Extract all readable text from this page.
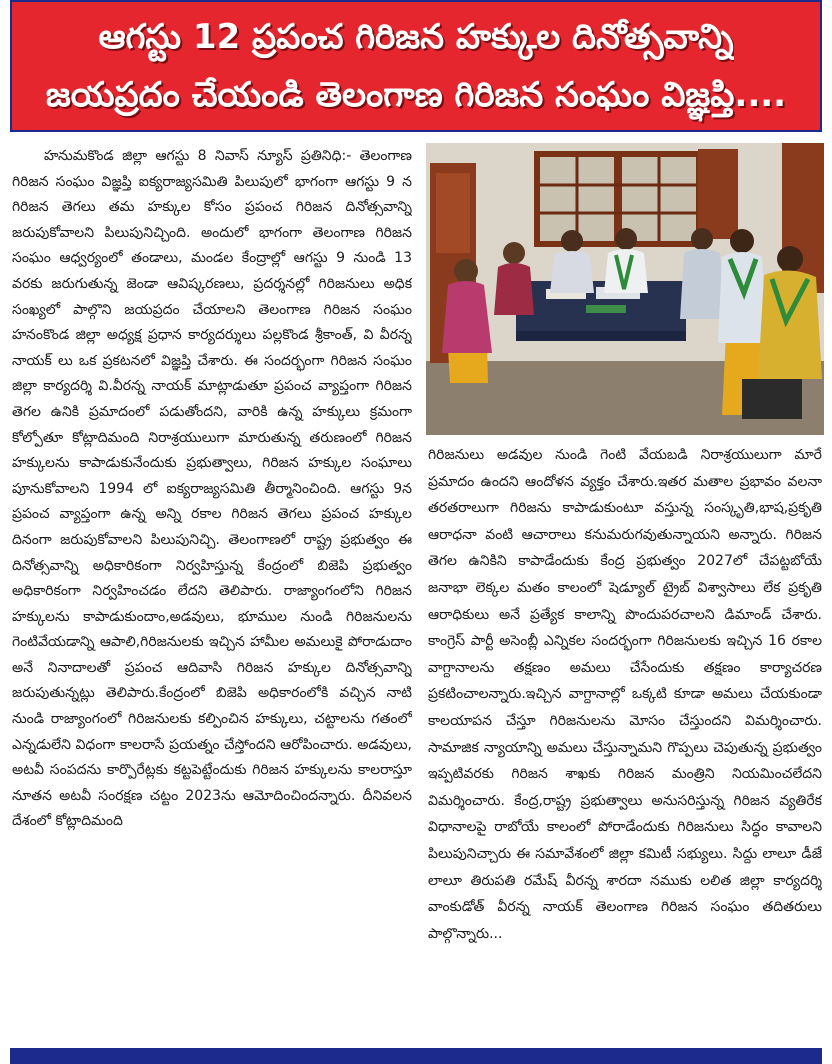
ఆగస్టు 12 ప్రపంచ గిరిజన హక్కుల దినోత్సవాన్ని
జయప్రదం చేయండి తెలంగాణ గిరిజన సంఘం విజ్ఞప్తి....

హనుమకొండ జిల్లా ఆగస్టు 8 నివాస్ న్యూస్ ప్రతినిధి:- తెలంగాణ గిరిజన సంఘం విజ్ఞప్తి ఐక్యరాజ్యసమితి పిలుపులో భాగంగా ఆగస్టు 9 న గిరిజన తెగలు తమ హక్కుల కోసం ప్రపంచ గిరిజన దినోత్సవాన్ని జరుపుకోవాలని పిలుపునిచ్చింది. అందులో భాగంగా తెలంగాణ గిరిజన సంఘం ఆధ్వర్యంలో తండాలు, మండల కేంద్రాల్లో ఆగస్టు 9 నుండి 13 వరకు జరుగుతున్న జెండా ఆవిష్కరణలు, ప్రదర్శనల్లో గిరిజనులు అధిక సంఖ్యలో పాల్గొని జయప్రదం చేయాలని తెలంగాణ గిరిజన సంఘం హనంకొండ జిల్లా అధ్యక్ష ప్రధాన కార్యదర్శులు పల్లకొండ శ్రీకాంత్, వి వీరన్న నాయక్ లు ఒక ప్రకటనలో విజ్ఞప్తి చేశారు. ఈ సందర్భంగా గిరిజన సంఘం జిల్లా కార్యదర్శి వి.వీరన్న నాయక్ మాట్లాడుతూ ప్రపంచ వ్యాప్తంగా గిరిజన తెగల ఉనికి ప్రమాదంలో పడుతోందని, వారికి ఉన్న హక్కులు క్రమంగా కోల్పోతూ కోట్లాదిమంది నిరాశ్రయులుగా మారుతున్న తరుణంలో గిరిజన హక్కులను కాపాడుకునేందుకు ప్రభుత్వాలు, గిరిజన హక్కుల సంఘాలు పూనుకోవాలని 1994 లో ఐక్యరాజ్యసమితి తీర్మానించింది. ఆగస్టు 9న ప్రపంచ వ్యాప్తంగా ఉన్న అన్ని రకాల గిరిజన తెగలు ప్రపంచ హక్కుల దినంగా జరుపుకోవాలని పిలుపునిచ్చి. తెలంగాణలో రాష్ట్ర ప్రభుత్వం ఈ దినోత్సవాన్ని అధికారికంగా నిర్వహిస్తున్న కేంద్రంలో బిజెపి ప్రభుత్వం అధికారికంగా నిర్వహించడం లేదని తెలిపారు. రాజ్యాంగంలోని గిరిజన హక్కులను కాపాడుకుందాం,అడవులు, భూముల నుండి గిరిజనులను గెంటివేయడాన్ని ఆపాలి,గిరిజనులకు ఇచ్చిన హామీల అమలుకై పోరాడుదాం అనే నినాదాలతో ప్రపంచ ఆదివాసి గిరిజన హక్కుల దినోత్సవాన్ని జరుపుతున్నట్లు తెలిపారు.కేంద్రంలో బిజెపి అధికారంలోకి వచ్చిన నాటి నుండి రాజ్యాంగంలో గిరిజనులకు కల్పించిన హక్కులు, చట్టాలను గతంలో ఎన్నడులేని విధంగా కాలరాసే ప్రయత్నం చేస్తోందని ఆరోపించారు. అడవులు, అటవీ సంపదను కార్పొరేట్లకు కట్టపెట్టేందుకు గిరిజన హక్కులను కాలరాస్తూ నూతన అటవీ సంరక్షణ చట్టం 2023ను ఆమోదించిందన్నారు. దీనివలన దేశంలో కోట్లాదిమంది

గిరిజనులు అడవుల నుండి గెంటి వేయబడి నిరాశ్రయులుగా మారే ప్రమాదం ఉందని ఆందోళన వ్యక్తం చేశారు.ఇతర మతాల ప్రభావం వలనా తరతరాలుగా గిరిజను కాపాడుకుంటూ వస్తున్న సంస్కృతి,భాష,ప్రకృతి ఆరాధనా వంటి ఆచారాలు కనుమరుగవుతున్నాయని అన్నారు. గిరిజన తెగల ఉనికిని కాపాడేందుకు కేంద్ర ప్రభుత్వం 2027లో చేపట్టబోయే జనాభా లెక్కల మతం కాలంలో షెడ్యూల్ ట్రైబ్ విశ్వాసాలు లేక ప్రకృతి ఆరాధికులు అనే ప్రత్యేక కాలాన్ని పొందుపరచాలని డిమాండ్ చేశారు. కాంగ్రెస్ పార్టీ అసెంబ్లీ ఎన్నికల సందర్భంగా గిరిజనులకు ఇచ్చిన 16 రకాల వాగ్దానాలను తక్షణం అమలు చేసేందుకు తక్షణం కార్యాచరణ ప్రకటించాలన్నారు.ఇచ్చిన వాగ్దానాల్లో ఒక్కటి కూడా అమలు చేయకుండా కాలయాపన చేస్తూ గిరిజనులను మోసం చేస్తుందని విమర్శించారు. సామాజిక న్యాయాన్ని అమలు చేస్తున్నామని గొప్పలు చెపుతున్న ప్రభుత్వం ఇప్పటివరకు గిరిజన శాఖకు గిరిజన మంత్రిని నియమించలేదని విమర్శించారు. కేంద్ర,రాష్ట్ర ప్రభుత్వాలు అనుసరిస్తున్న గిరిజన వ్యతిరేక విధానాలపై రాబోయే కాలంలో పోరాడేందుకు గిరిజనులు సిద్ధం కావాలని పిలుపునిచ్చారు ఈ సమావేశంలో జిల్లా కమిటీ సభ్యులు. సిద్దు లాలూ డీజే లాలూ తిరుపతి రమేష్ వీరన్న శారదా నముకు లలిత జిల్లా కార్యదర్శి వాంకుడోత్ వీరన్న నాయక్ తెలంగాణ గిరిజన సంఘం తదితరులు పాల్గొన్నారు...
